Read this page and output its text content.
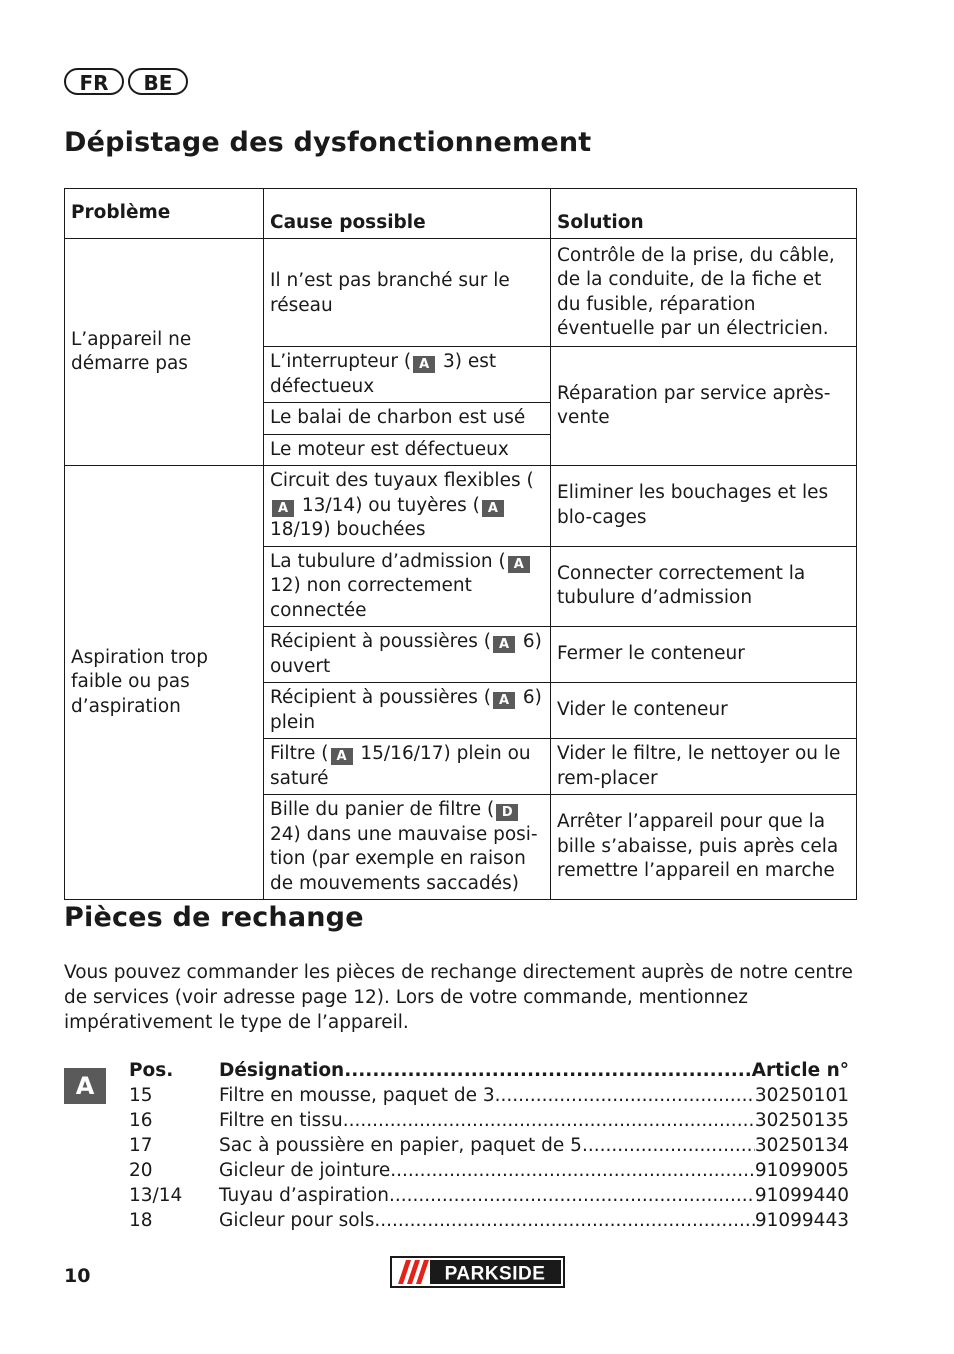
FR	BE
Dépistage des dysfonctionnement
Problème	Cause possible	Solution
L’appareil ne démarre pas	Il n’est pas branché sur le réseau	Contrôle de la prise, du câble, de la conduite, de la fiche et du fusible, réparation éventuelle par un électricien.
	L’interrupteur ( A 3) est défectueux	Réparation par service après-vente
	Le balai de charbon est usé	
	Le moteur est défectueux	
Aspiration trop faible ou pas d’aspiration	Circuit des tuyaux flexibles (A 13/14) ou tuyères ( A 18/19) bouchées	Eliminer les bouchages et les blo-cages
	La tubulure d’admission ( A 12) non correctement connectée	Connecter correctement la tubulure d’admission
	Récipient à poussières ( A 6) ouvert	Fermer le conteneur
	Récipient à poussières ( A 6) plein	Vider le conteneur
	Filtre ( A 15/16/17) plein ou saturé	Vider le filtre, le nettoyer ou le rem-placer
	Bille du panier de filtre ( D 24) dans une mauvaise posi-tion (par exemple en raison de mouvements saccadés)	Arrêter l’appareil pour que la bille s’abaisse, puis après cela remettre l’appareil en marche
Pièces de rechange

Vous pouvez commander les pièces de rechange directement auprès de notre centre de services (voir adresse page 12). Lors de votre commande, mentionnez impérativement le type de l’appareil.

A
Pos.	Désignation .....	Article n°
15	Filtre en mousse, paquet de 3 .....	30250101
16	Filtre en tissu .....	30250135
17	Sac à poussière en papier, paquet de 5 .....	30250134
20	Gicleur de jointure .....	91099005
13/14	Tuyau d’aspiration .....	91099440
18	Gicleur pour sols .....	91099443
10	PARKSIDE
